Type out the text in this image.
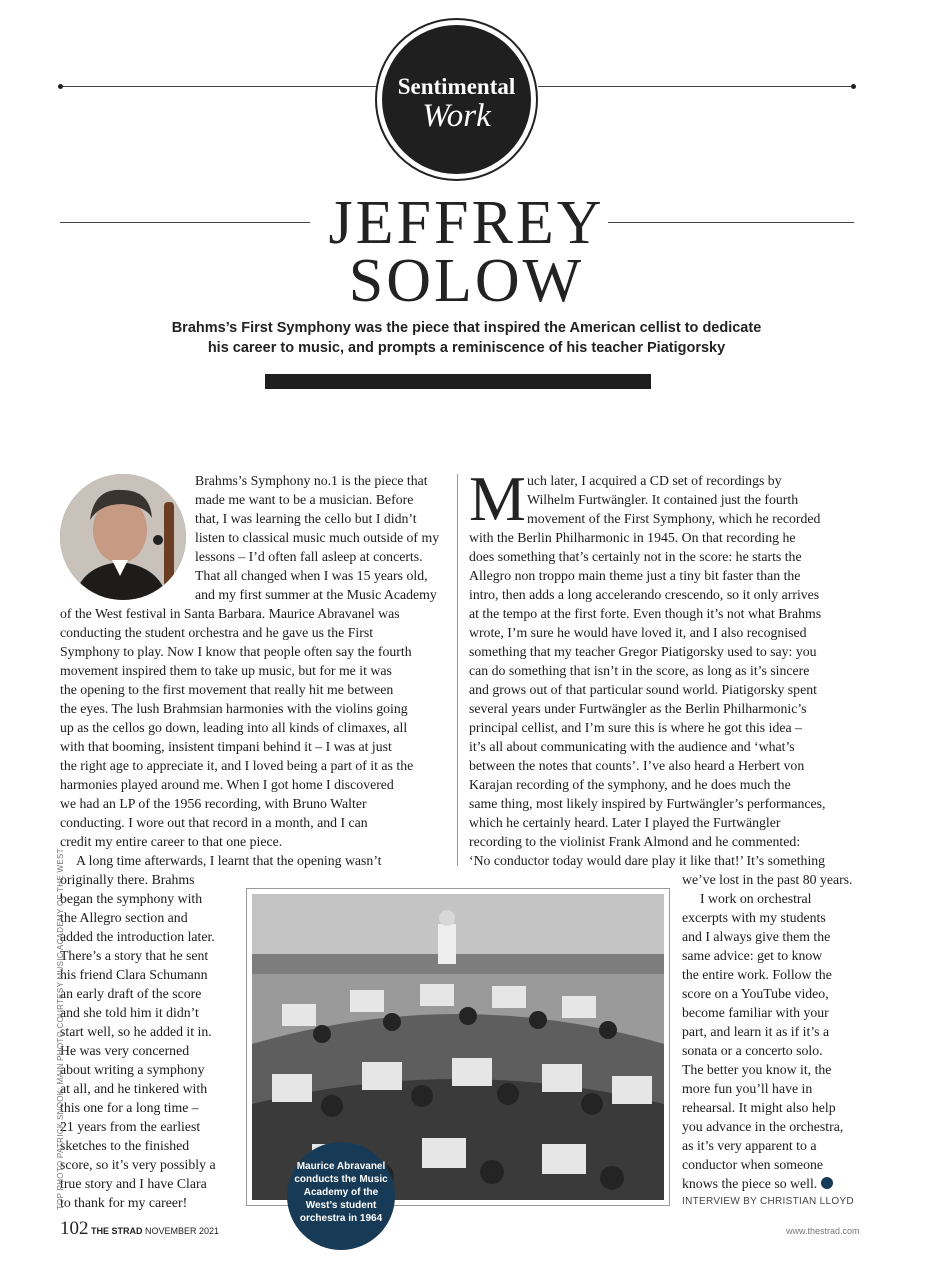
Sentimental
Work
JEFFREY
SOLOW
Brahms’s First Symphony was the piece that inspired the American cellist to dedicate
his career to music, and prompts a reminiscence of his teacher Piatigorsky
Brahms’s Symphony no.1 is the piece that
made me want to be a musician. Before
that, I was learning the cello but I didn’t
listen to classical music much outside of my
lessons – I’d often fall asleep at concerts.
That all changed when I was 15 years old,
and my first summer at the Music Academy
of the West festival in Santa Barbara. Maurice Abravanel was
conducting the student orchestra and he gave us the First
Symphony to play. Now I know that people often say the fourth
movement inspired them to take up music, but for me it was
the opening to the first movement that really hit me between
the eyes. The lush Brahmsian harmonies with the violins going
up as the cellos go down, leading into all kinds of climaxes, all
with that booming, insistent timpani behind it – I was at just
the right age to appreciate it, and I loved being a part of it as the
harmonies played around me. When I got home I discovered
we had an LP of the 1956 recording, with Bruno Walter
conducting. I wore out that record in a month, and I can
credit my entire career to that one piece.
A long time afterwards, I learnt that the opening wasn’t
originally there. Brahms
began the symphony with
the Allegro section and
added the introduction later.
There’s a story that he sent
his friend Clara Schumann
an early draft of the score
and she told him it didn’t
start well, so he added it in.
He was very concerned
about writing a symphony
at all, and he tinkered with
this one for a long time –
21 years from the earliest
sketches to the finished
score, so it’s very possibly a
true story and I have Clara
to thank for my career!
M uch later, I acquired a CD set of recordings by
Wilhelm Furtwängler. It contained just the fourth
movement of the First Symphony, which he recorded
with the Berlin Philharmonic in 1945. On that recording he
does something that’s certainly not in the score: he starts the
Allegro non troppo main theme just a tiny bit faster than the
intro, then adds a long accelerando crescendo, so it only arrives
at the tempo at the first forte. Even though it’s not what Brahms
wrote, I’m sure he would have loved it, and I also recognised
something that my teacher Gregor Piatigorsky used to say: you
can do something that isn’t in the score, as long as it’s sincere
and grows out of that particular sound world. Piatigorsky spent
several years under Furtwängler as the Berlin Philharmonic’s
principal cellist, and I’m sure this is where he got this idea –
it’s all about communicating with the audience and ‘what’s
between the notes that counts’. I’ve also heard a Herbert von
Karajan recording of the symphony, and he does much the
same thing, most likely inspired by Furtwängler’s performances,
which he certainly heard. Later I played the Furtwängler
recording to the violinist Frank Almond and he commented:
‘No conductor today would dare play it like that!’ It’s something
we’ve lost in the past 80 years.
I work on orchestral
excerpts with my students
and I always give them the
same advice: get to know
the entire work. Follow the
score on a YouTube video,
become familiar with your
part, and learn it as if it’s a
sonata or a concerto solo.
The better you know it, the
more fun you’ll have in
rehearsal. It might also help
you advance in the orchestra,
as it’s very apparent to a
conductor when someone
knows the piece so well.
INTERVIEW BY CHRISTIAN LLOYD
Maurice Abravanel
conducts the Music
Academy of the
West’s student
orchestra in 1964
TOP PHOTO PATRICK SNOOK; MAIN PHOTO COURTESY MUSIC ACADEMY OF THE WEST
102 THE STRAD NOVEMBER 2021	www.thestrad.com
